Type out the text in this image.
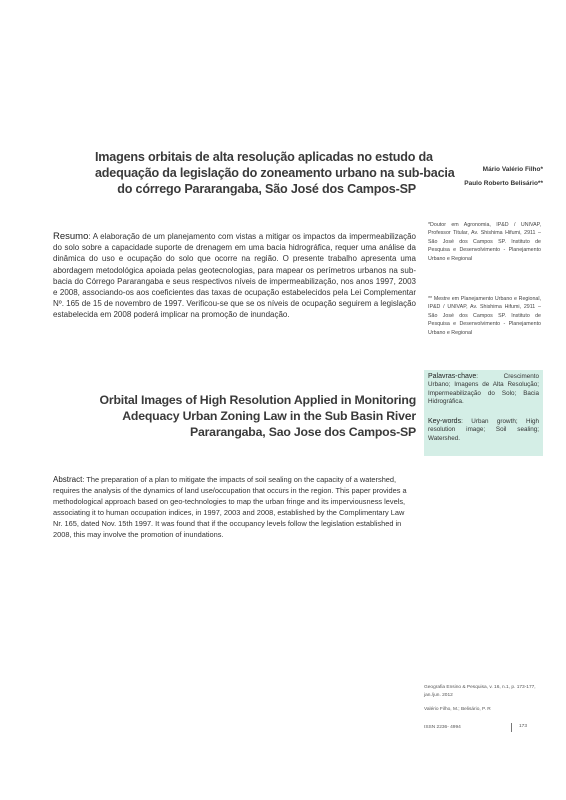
Imagens orbitais de alta resolução aplicadas no estudo da
adequação da legislação do zoneamento urbano na sub-bacia
do córrego Pararangaba, São José dos Campos-SP
Mário Valério Filho*
Paulo Roberto Belisário**
Resumo: A elaboração de um planejamento com vistas a mitigar os impactos da impermeabilização do solo sobre a capacidade suporte de drenagem em uma bacia hidrográfica, requer uma análise da dinâmica do uso e ocupação do solo que ocorre na região. O presente trabalho apresenta uma abordagem metodológica apoiada pelas geotecnologias, para mapear os perímetros urbanos na sub-bacia do Córrego Pararangaba e seus respectivos níveis de impermeabilização, nos anos 1997, 2003 e 2008, associando-os aos coeficientes das taxas de ocupação estabelecidos pela Lei Complementar Nº. 165 de 15 de novembro de 1997. Verificou-se que se os níveis de ocupação seguirem a legislação estabelecida em 2008 poderá implicar na promoção de inundação.
*Doutor em Agronomia, IP&D / UNIVAP, Professor Titular, Av. Shishima Hifumi, 2911 – São José dos Campos SP. Instituto de Pesquisa e Desenvolvimento - Planejamento Urbano e Regional
** Mestre em Planejamento Urbano e Regional, IP&D / UNIVAP, Av. Shishima Hifumi, 2911 – São José dos Campos SP. Instituto de Pesquisa e Desenvolvimento - Planejamento Urbano e Regional
Palavras-chave: Crescimento Urbano; Imagens de Alta Resolução; Impermeabilização do Solo; Bacia Hidrográfica.
Key-words: Urban growth; High resolution image; Soil sealing; Watershed.
Orbital Images of High Resolution Applied in Monitoring
Adequacy Urban Zoning Law in the Sub Basin River
Pararangaba, Sao Jose dos Campos-SP
Abstract: The preparation of a plan to mitigate the impacts of soil sealing on the capacity of a watershed, requires the analysis of the dynamics of land use/occupation that occurs in the region. This paper provides a methodological approach based on geo-technologies to map the urban fringe and its imperviousness levels, associating it to human occupation indices, in 1997, 2003 and 2008, established by the Complimentary Law Nr. 165, dated Nov. 15th 1997. It was found that if the occupancy levels follow the legislation established in 2008, this may involve the promotion of inundations.
Geografia Ensino & Pesquisa, v. 16, n.1, p. 173-177, jan./jun. 2012
Valério Filho, M.; Belisário, P. R
ISSN 2236- 4994	173
